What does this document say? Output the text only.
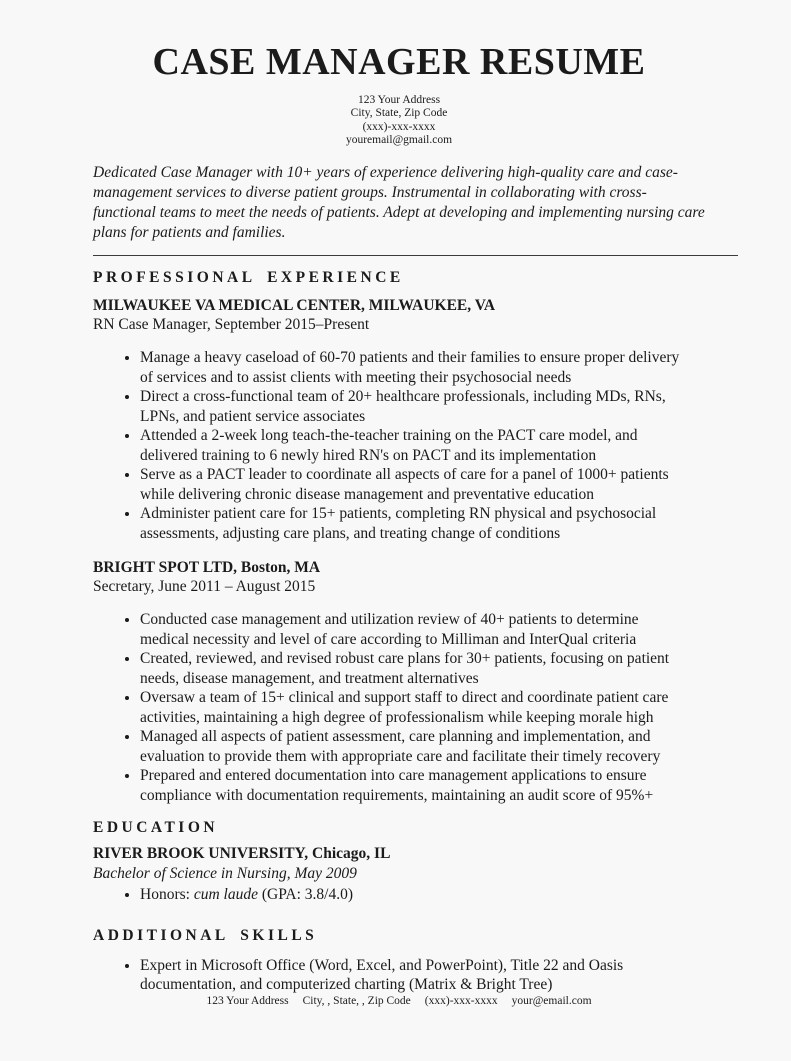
CASE MANAGER RESUME
123 Your Address
City, State, Zip Code
(xxx)-xxx-xxxx
youremail@gmail.com

Dedicated Case Manager with 10+ years of experience delivering high-quality care and case-management services to diverse patient groups. Instrumental in collaborating with cross-functional teams to meet the needs of patients. Adept at developing and implementing nursing care plans for patients and families.

PROFESSIONAL EXPERIENCE
MILWAUKEE VA MEDICAL CENTER, MILWAUKEE, VA
RN Case Manager, September 2015–Present
• Manage a heavy caseload of 60-70 patients and their families to ensure proper delivery of services and to assist clients with meeting their psychosocial needs
• Direct a cross-functional team of 20+ healthcare professionals, including MDs, RNs, LPNs, and patient service associates
• Attended a 2-week long teach-the-teacher training on the PACT care model, and delivered training to 6 newly hired RN's on PACT and its implementation
• Serve as a PACT leader to coordinate all aspects of care for a panel of 1000+ patients while delivering chronic disease management and preventative education
• Administer patient care for 15+ patients, completing RN physical and psychosocial assessments, adjusting care plans, and treating change of conditions
BRIGHT SPOT LTD, Boston, MA
Secretary, June 2011 – August 2015
• Conducted case management and utilization review of 40+ patients to determine medical necessity and level of care according to Milliman and InterQual criteria
• Created, reviewed, and revised robust care plans for 30+ patients, focusing on patient needs, disease management, and treatment alternatives
• Oversaw a team of 15+ clinical and support staff to direct and coordinate patient care activities, maintaining a high degree of professionalism while keeping morale high
• Managed all aspects of patient assessment, care planning and implementation, and evaluation to provide them with appropriate care and facilitate their timely recovery
• Prepared and entered documentation into care management applications to ensure compliance with documentation requirements, maintaining an audit score of 95%+
EDUCATION
RIVER BROOK UNIVERSITY, Chicago, IL
Bachelor of Science in Nursing, May 2009
• Honors: cum laude (GPA: 3.8/4.0)
ADDITIONAL SKILLS
• Expert in Microsoft Office (Word, Excel, and PowerPoint), Title 22 and Oasis documentation, and computerized charting (Matrix & Bright Tree)
123 Your Address City, , State, , Zip Code (xxx)-xxx-xxxx your@email.com
